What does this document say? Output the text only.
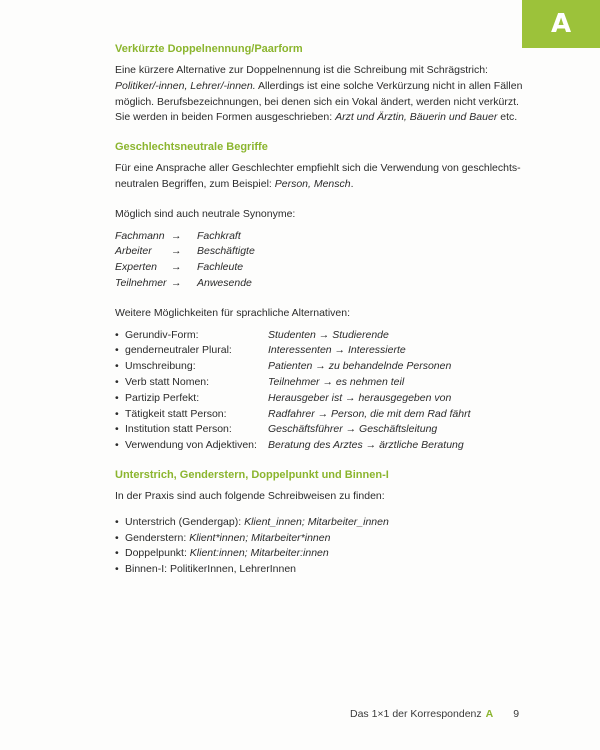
A
Verkürzte Doppelnennung/Paarform

Eine kürzere Alternative zur Doppelnennung ist die Schreibung mit Schrägstrich: Politiker/-innen, Lehrer/-innen. Allerdings ist eine solche Verkürzung nicht in allen Fällen möglich. Berufsbezeichnungen, bei denen sich ein Vokal ändert, werden nicht verkürzt. Sie werden in beiden Formen ausgeschrieben: Arzt und Ärztin, Bäuerin und Bauer etc.

Geschlechtsneutrale Begriffe

Für eine Ansprache aller Geschlechter empfiehlt sich die Verwendung von geschlechtsneutralen Begriffen, zum Beispiel: Person, Mensch.

Möglich sind auch neutrale Synonyme:

Fachmann →	Fachkraft
Arbeiter	→	Beschäftigte
Experten	→	Fachleute
Teilnehmer →	Anwesende

Weitere Möglichkeiten für sprachliche Alternativen:

• Gerundiv-Form:	Studenten → Studierende
• genderneutraler Plural:	Interessenten → Interessierte
• Umschreibung:	Patienten → zu behandelnde Personen
• Verb statt Nomen:	Teilnehmer → es nehmen teil
• Partizip Perfekt:	Herausgeber ist → herausgegeben von
• Tätigkeit statt Person:	Radfahrer → Person, die mit dem Rad fährt
• Institution statt Person:	Geschäftsführer → Geschäftsleitung
• Verwendung von Adjektiven:	Beratung des Arztes → ärztliche Beratung
Unterstrich, Genderstern, Doppelpunkt und Binnen-I

In der Praxis sind auch folgende Schreibweisen zu finden:

• Unterstrich (Gendergap): Klient_innen; Mitarbeiter_innen
• Genderstern: Klient*innen; Mitarbeiter*innen
• Doppelpunkt: Klient:innen; Mitarbeiter:innen
• Binnen-I: PolitikerInnen, LehrerInnen
Das 1×1 der Korrespondenz A 9
